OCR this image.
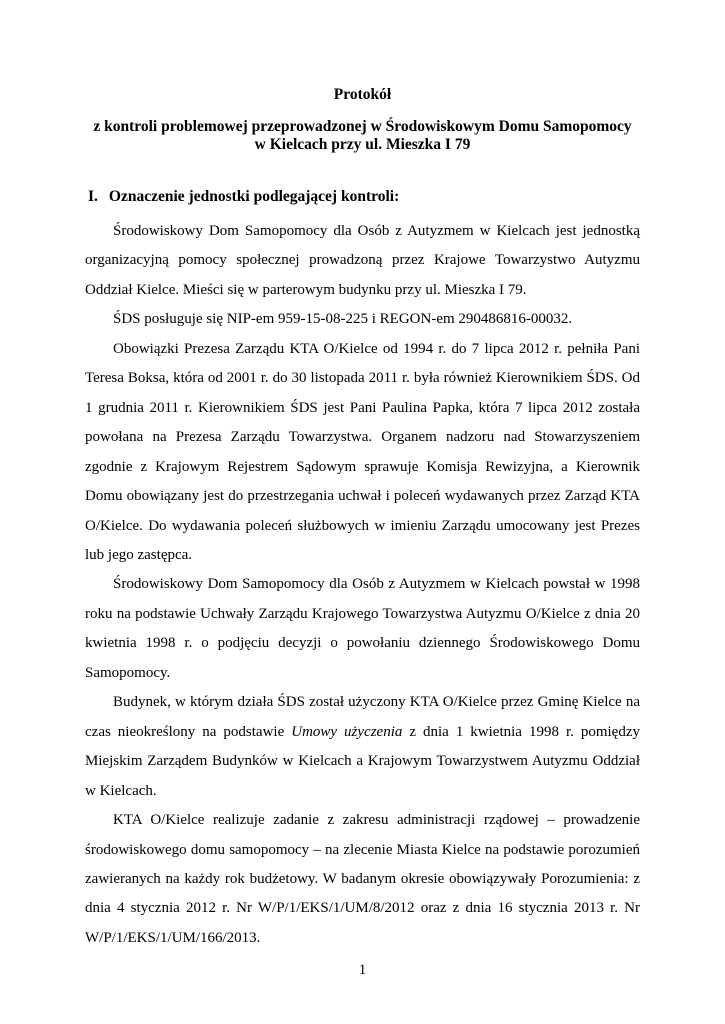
Protokół
z kontroli problemowej przeprowadzonej w Środowiskowym Domu Samopomocy
w Kielcach przy ul. Mieszka I 79
I. Oznaczenie jednostki podlegającej kontroli:

Środowiskowy Dom Samopomocy dla Osób z Autyzmem w Kielcach jest jednostką organizacyjną pomocy społecznej prowadzoną przez Krajowe Towarzystwo Autyzmu Oddział Kielce. Mieści się w parterowym budynku przy ul. Mieszka I 79.

ŚDS posługuje się NIP-em 959-15-08-225 i REGON-em 290486816-00032.

Obowiązki Prezesa Zarządu KTA O/Kielce od 1994 r. do 7 lipca 2012 r. pełniła Pani Teresa Boksa, która od 2001 r. do 30 listopada 2011 r. była również Kierownikiem ŚDS. Od 1 grudnia 2011 r. Kierownikiem ŚDS jest Pani Paulina Papka, która 7 lipca 2012 została powołana na Prezesa Zarządu Towarzystwa. Organem nadzoru nad Stowarzyszeniem zgodnie z Krajowym Rejestrem Sądowym sprawuje Komisja Rewizyjna, a Kierownik Domu obowiązany jest do przestrzegania uchwał i poleceń wydawanych przez Zarząd KTA O/Kielce. Do wydawania poleceń służbowych w imieniu Zarządu umocowany jest Prezes lub jego zastępca.

Środowiskowy Dom Samopomocy dla Osób z Autyzmem w Kielcach powstał w 1998 roku na podstawie Uchwały Zarządu Krajowego Towarzystwa Autyzmu O/Kielce z dnia 20 kwietnia 1998 r. o podjęciu decyzji o powołaniu dziennego Środowiskowego Domu Samopomocy.

Budynek, w którym działa ŚDS został użyczony KTA O/Kielce przez Gminę Kielce na czas nieokreślony na podstawie Umowy użyczenia z dnia 1 kwietnia 1998 r. pomiędzy Miejskim Zarządem Budynków w Kielcach a Krajowym Towarzystwem Autyzmu Oddział w Kielcach.

KTA O/Kielce realizuje zadanie z zakresu administracji rządowej – prowadzenie środowiskowego domu samopomocy – na zlecenie Miasta Kielce na podstawie porozumień zawieranych na każdy rok budżetowy. W badanym okresie obowiązywały Porozumienia: z dnia 4 stycznia 2012 r. Nr W/P/1/EKS/1/UM/8/2012 oraz z dnia 16 stycznia 2013 r. Nr W/P/1/EKS/1/UM/166/2013.

1
